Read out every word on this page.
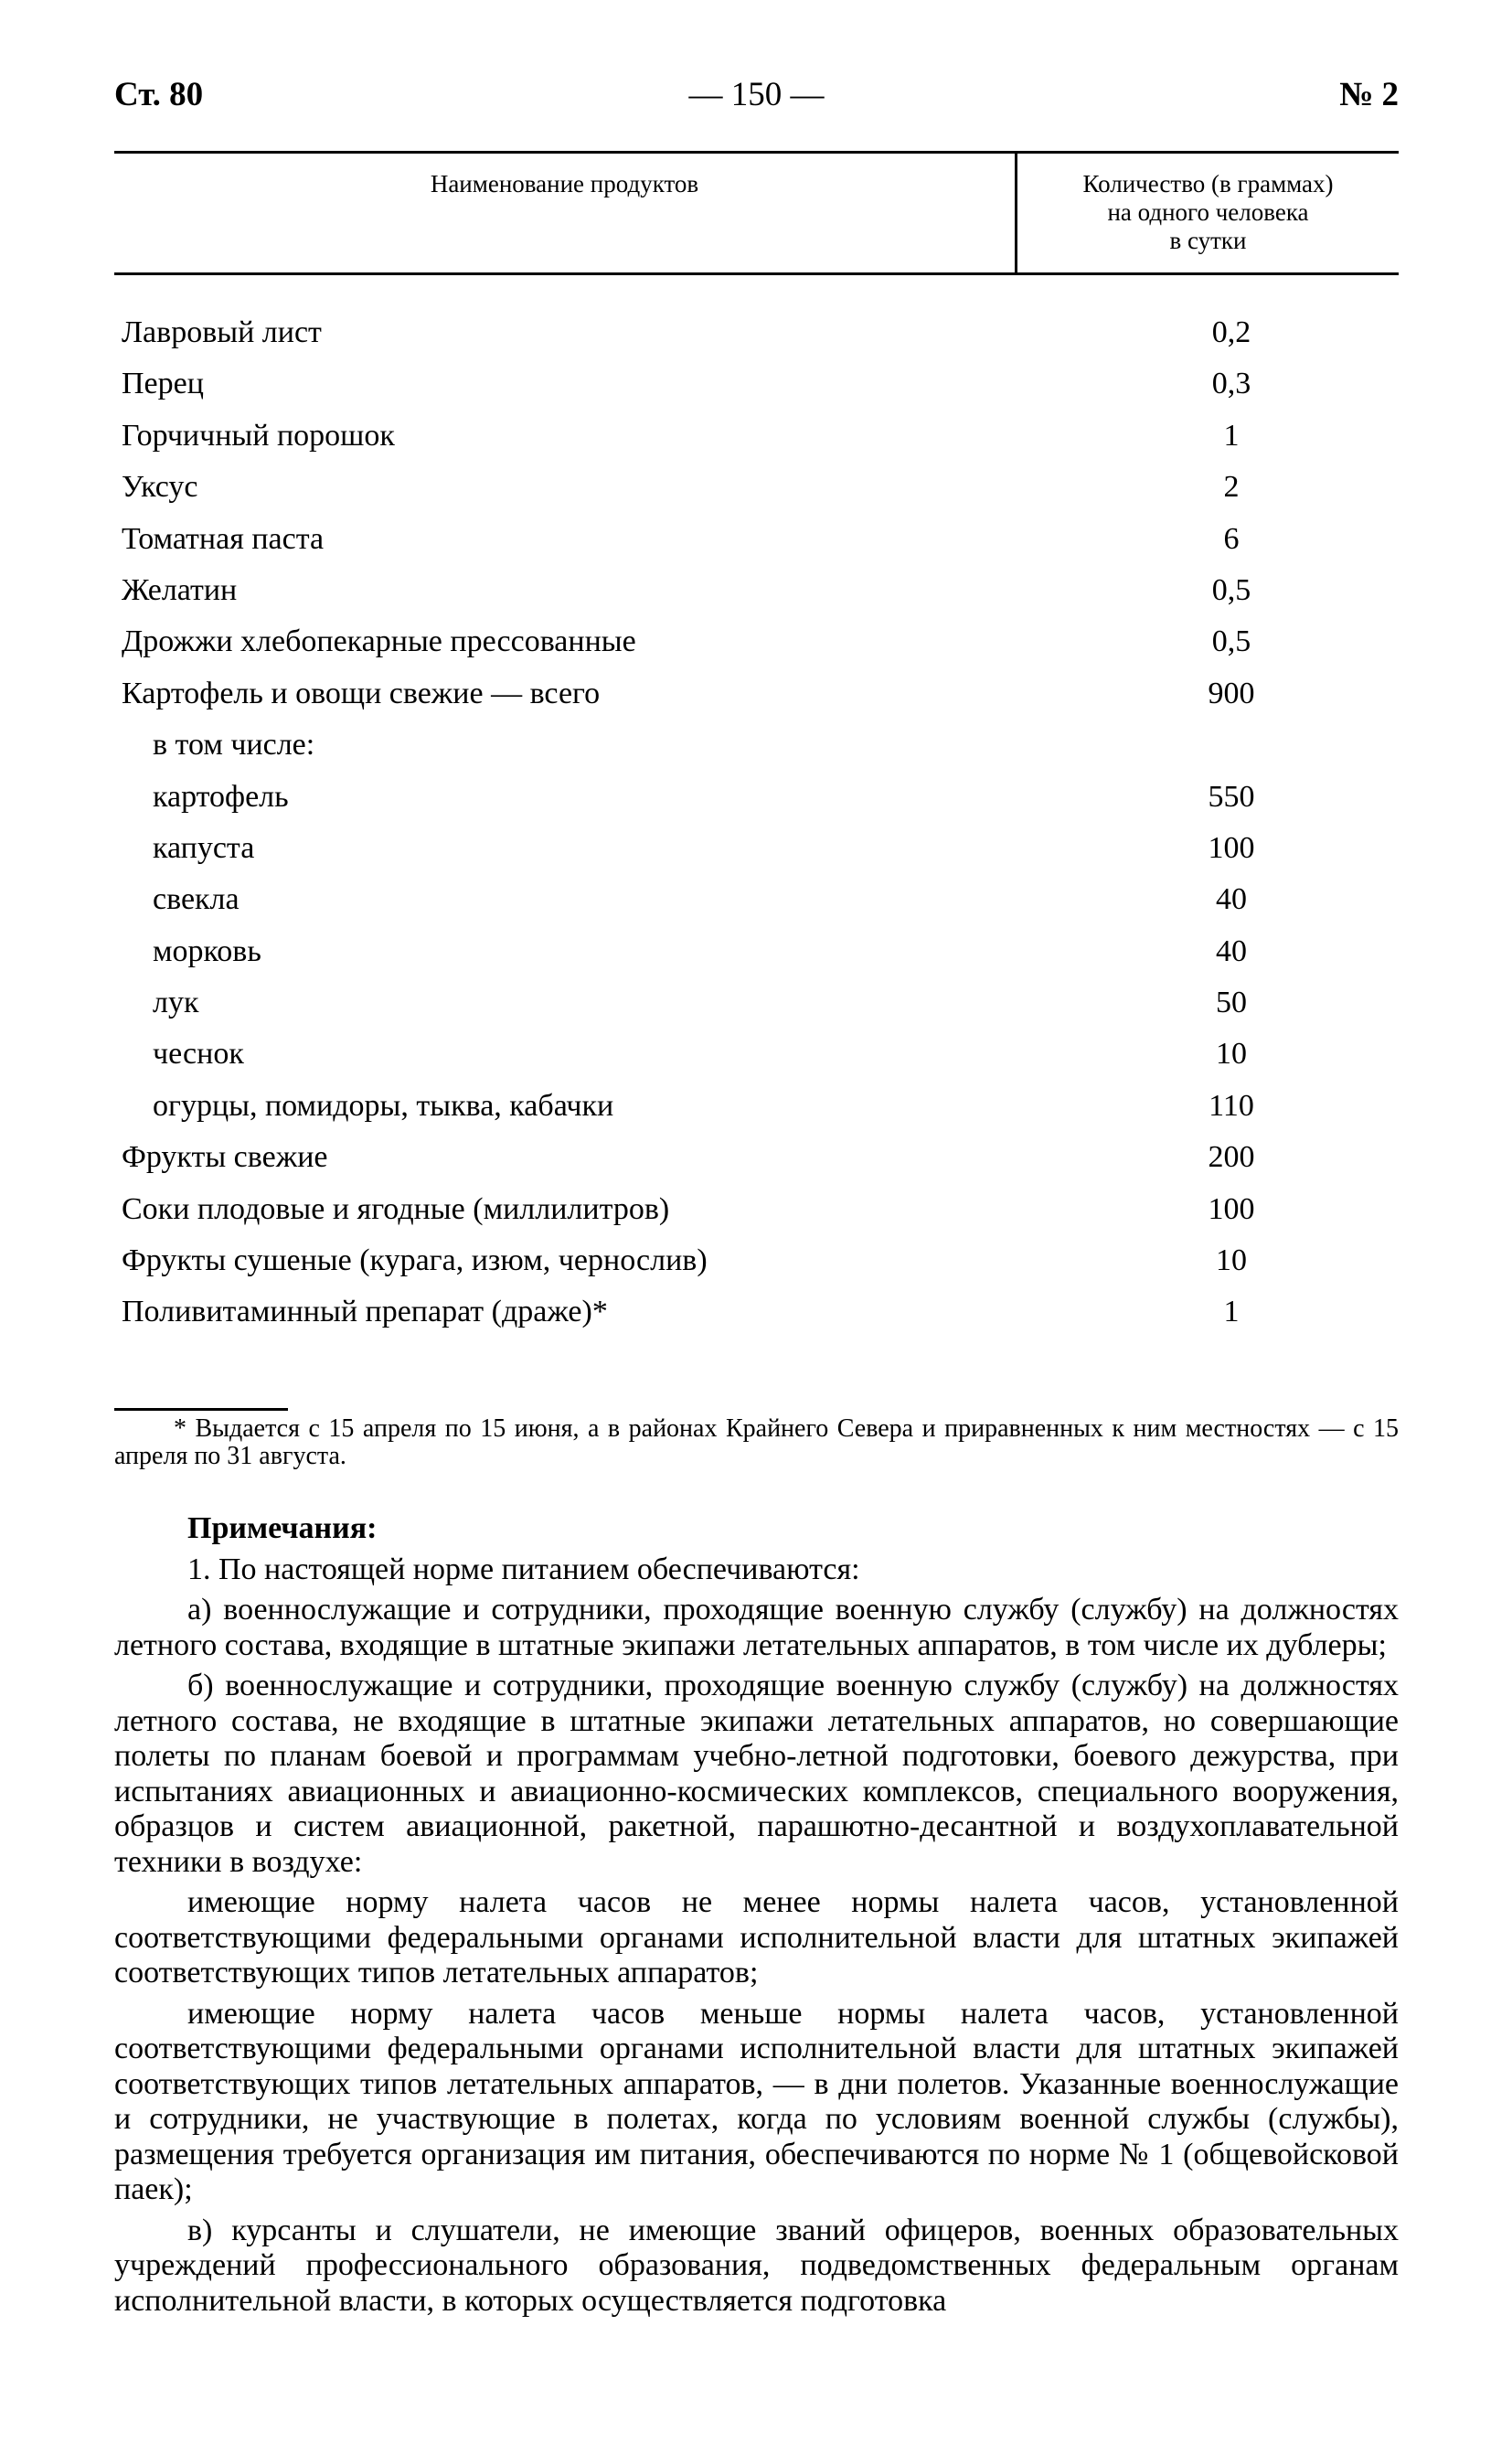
Ст. 80	— 150 —	№ 2
Наименование продуктов	Количество (в граммах)
на одного человека
в сутки
Лавровый лист	0,2
Перец	0,3
Горчичный порошок	1
Уксус	2
Томатная паста	6
Желатин	0,5
Дрожжи хлебопекарные прессованные	0,5
Картофель и овощи свежие — всего	900
в том числе:
картофель	550
капуста	100
свекла	40
морковь	40
лук	50
чеснок	10
огурцы, помидоры, тыква, кабачки	110
Фрукты свежие	200
Соки плодовые и ягодные (миллилитров)	100
Фрукты сушеные (курага, изюм, чернослив)	10
Поливитаминный препарат (драже)*	1
* Выдается с 15 апреля по 15 июня, а в районах Крайнего Севера и приравненных к ним местностях — с 15 апреля по 31 августа.

Примечания:

1. По настоящей норме питанием обеспечиваются:

а) военнослужащие и сотрудники, проходящие военную службу (службу) на должностях летного состава, входящие в штатные экипажи летательных аппаратов, в том числе их дублеры;

б) военнослужащие и сотрудники, проходящие военную службу (службу) на должностях летного состава, не входящие в штатные экипажи летательных аппаратов, но совершающие полеты по планам боевой и программам учебно-летной подготовки, боевого дежурства, при испытаниях авиационных и авиационно-космических комплексов, специального вооружения, образцов и систем авиационной, ракетной, парашютно-десантной и воздухоплавательной техники в воздухе:

имеющие норму налета часов не менее нормы налета часов, установленной соответствующими федеральными органами исполнительной власти для штатных экипажей соответствующих типов летательных аппаратов;

имеющие норму налета часов меньше нормы налета часов, установленной соответствующими федеральными органами исполнительной власти для штатных экипажей соответствующих типов летательных аппаратов, — в дни полетов. Указанные военнослужащие и сотрудники, не участвующие в полетах, когда по условиям военной службы (службы), размещения требуется организация им питания, обеспечиваются по норме № 1 (общевойсковой паек);

в) курсанты и слушатели, не имеющие званий офицеров, военных образовательных учреждений профессионального образования, подведомственных федеральным органам исполнительной власти, в которых осуществляется подготовка
